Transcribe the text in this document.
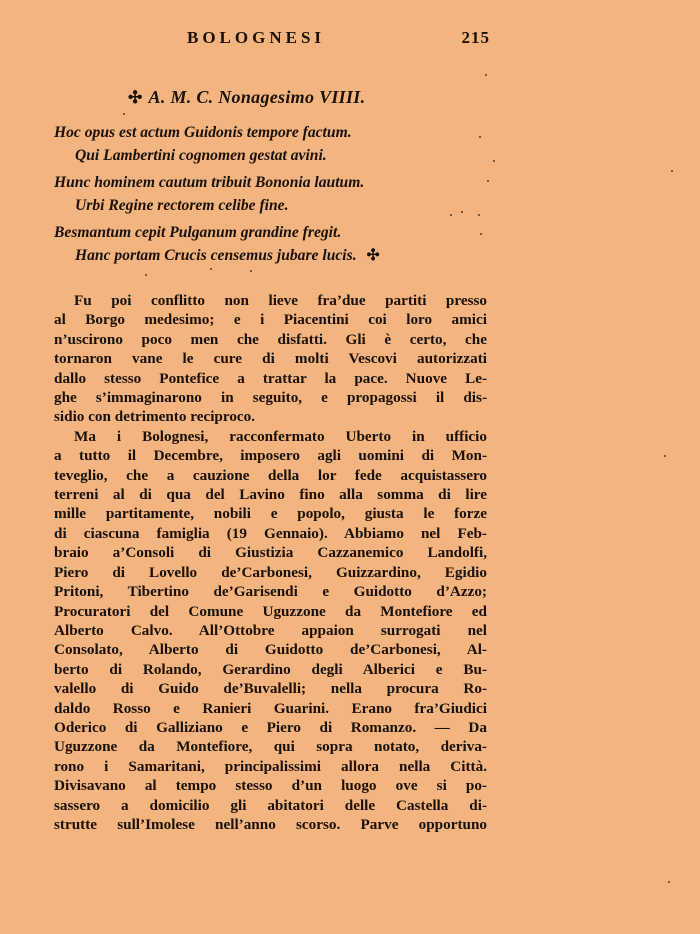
BOLOGNESI	215
✣ A. M. C. Nonagesimo VIIII.
Hoc opus est actum Guidonis tempore factum.
Qui Lambertini cognomen gestat avini.
Hunc hominem cautum tribuit Bononia lautum.
Urbi Regine rectorem celibe fine.
Besmantum cepit Pulganum grandine fregit.
Hanc portam Crucis censemus jubare lucis. ✣
Fu poi conflitto non lieve fra’due partiti presso
al Borgo medesimo; e i Piacentini coi loro amici
n’uscirono poco men che disfatti. Gli è certo, che
tornaron vane le cure di molti Vescovi autorizzati
dallo stesso Pontefice a trattar la pace. Nuove Le-
ghe s’immaginarono in seguito, e propagossi il dis-
sidio con detrimento reciproco.
Ma i Bolognesi, racconfermato Uberto in ufficio
a tutto il Decembre, imposero agli uomini di Mon-
teveglio, che a cauzione della lor fede acquistassero
terreni al di qua del Lavino fino alla somma di lire
mille partitamente, nobili e popolo, giusta le forze
di ciascuna famiglia (19 Gennaio). Abbiamo nel Feb-
braio a’Consoli di Giustizia Cazzanemico Landolfi,
Piero di Lovello de’Carbonesi, Guizzardino, Egidio
Pritoni, Tibertino de’Garisendi e Guidotto d’Azzo;
Procuratori del Comune Uguzzone da Montefiore ed
Alberto Calvo. All’Ottobre appaion surrogati nel
Consolato, Alberto di Guidotto de’Carbonesi, Al-
berto di Rolando, Gerardino degli Alberici e Bu-
valello di Guido de’Buvalelli; nella procura Ro-
daldo Rosso e Ranieri Guarini. Erano fra’Giudici
Oderico di Galliziano e Piero di Romanzo. — Da
Uguzzone da Montefiore, qui sopra notato, deriva-
rono i Samaritani, principalissimi allora nella Città.
Divisavano al tempo stesso d’un luogo ove si po-
sassero a domicilio gli abitatori delle Castella di-
strutte sull’Imolese nell’anno scorso. Parve opportuno
